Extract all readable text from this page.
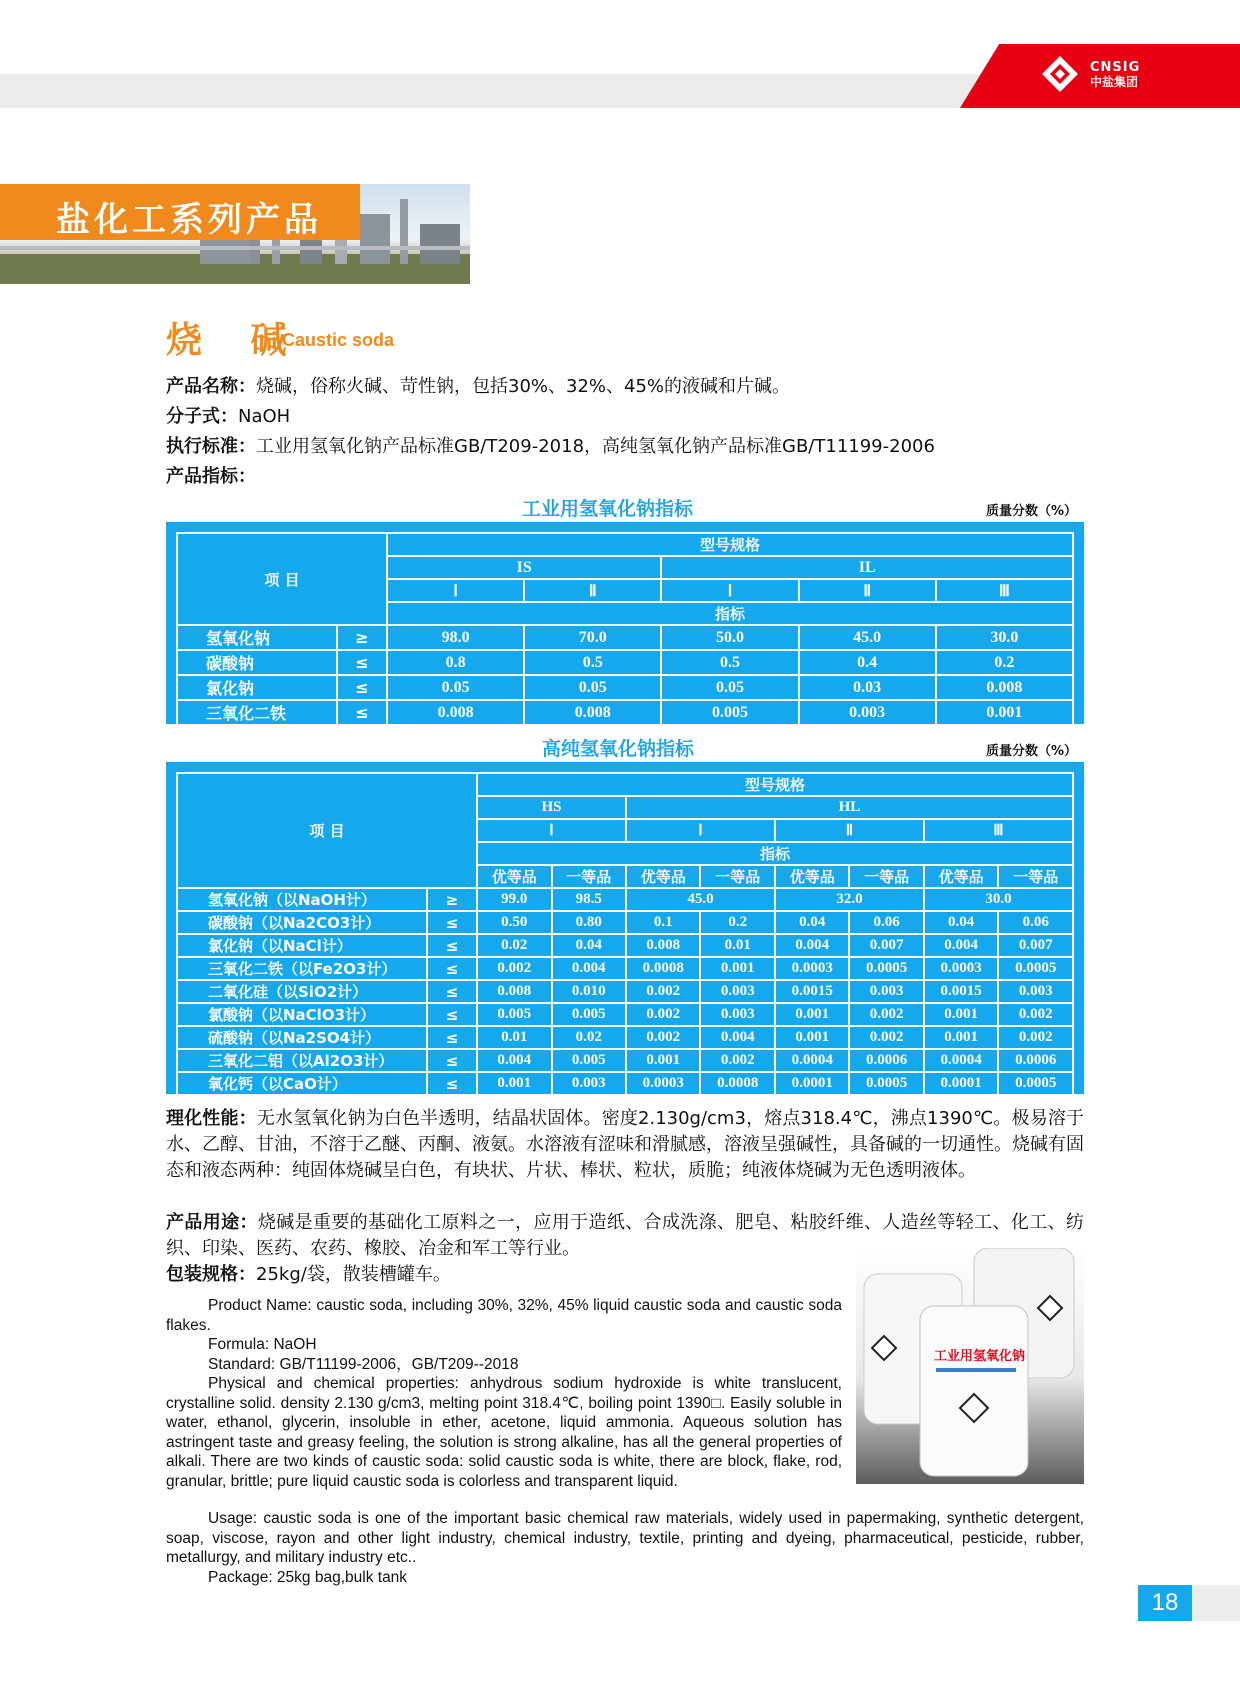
CNSIG
中盐集团
盐化工系列产品
烧 碱
Caustic soda
产品名称：烧碱，俗称火碱、苛性钠，包括30%、32%、45%的液碱和片碱。
分子式：NaOH
执行标准：工业用氢氧化钠产品标准GB/T209-2018，高纯氢氧化钠产品标准GB/T11199-2006
产品指标：
工业用氢氧化钠指标	质量分数（%）
项 目		型号规格				
		IS		IL		
		Ⅰ	Ⅱ	Ⅰ	Ⅱ	Ⅲ
		指标				
氢氧化钠	≥	98.0	70.0	50.0	45.0	30.0
碳酸钠	≤	0.8	0.5	0.5	0.4	0.2
氯化钠	≤	0.05	0.05	0.05	0.03	0.008
三氧化二铁	≤	0.008	0.008	0.005	0.003	0.001
高纯氢氧化钠指标	质量分数（%）
项 目		型号规格							
		HS		HL					
		Ⅰ		Ⅰ		Ⅱ		Ⅲ	
		指标							
		优等品	一等品	优等品	一等品	优等品	一等品	优等品	一等品
氢氧化钠（以NaOH计）	≥	99.0	98.5	45.0		32.0		30.0	
碳酸钠（以Na2CO3计）	≤	0.50	0.80	0.1	0.2	0.04	0.06	0.04	0.06
氯化钠（以NaCl计）	≤	0.02	0.04	0.008	0.01	0.004	0.007	0.004	0.007
三氧化二铁（以Fe2O3计）	≤	0.002	0.004	0.0008	0.001	0.0003	0.0005	0.0003	0.0005
二氧化硅（以SiO2计）	≤	0.008	0.010	0.002	0.003	0.0015	0.003	0.0015	0.003
氯酸钠（以NaClO3计）	≤	0.005	0.005	0.002	0.003	0.001	0.002	0.001	0.002
硫酸钠（以Na2SO4计）	≤	0.01	0.02	0.002	0.004	0.001	0.002	0.001	0.002
三氧化二铝（以Al2O3计）	≤	0.004	0.005	0.001	0.002	0.0004	0.0006	0.0004	0.0006
氧化钙（以CaO计）	≤	0.001	0.003	0.0003	0.0008	0.0001	0.0005	0.0001	0.0005
理化性能：无水氢氧化钠为白色半透明，结晶状固体。密度2.130g/cm3，熔点318.4℃，沸点1390℃。极易溶于水、乙醇、甘油，不溶于乙醚、丙酮、液氨。水溶液有涩味和滑腻感，溶液呈强碱性，具备碱的一切通性。烧碱有固态和液态两种：纯固体烧碱呈白色，有块状、片状、棒状、粒状，质脆；纯液体烧碱为无色透明液体。
产品用途：烧碱是重要的基础化工原料之一，应用于造纸、合成洗涤、肥皂、粘胶纤维、人造丝等轻工、化工、纺织、印染、医药、农药、橡胶、冶金和军工等行业。
包装规格：25kg/袋，散装槽罐车。
工业用氢氧化钠
Product Name: caustic soda, including 30%, 32%, 45% liquid caustic soda and caustic soda flakes.
Formula: NaOH
Standard: GB/T11199-2006，GB/T209--2018
Physical and chemical properties: anhydrous sodium hydroxide is white translucent, crystalline solid. density 2.130 g/cm3, melting point 318.4℃, boiling point 1390□. Easily soluble in water, ethanol, glycerin, insoluble in ether, acetone, liquid ammonia. Aqueous solution has astringent taste and greasy feeling, the solution is strong alkaline, has all the general properties of alkali. There are two kinds of caustic soda: solid caustic soda is white, there are block, flake, rod, granular, brittle; pure liquid caustic soda is colorless and transparent liquid.
Usage: caustic soda is one of the important basic chemical raw materials, widely used in papermaking, synthetic detergent, soap, viscose, rayon and other light industry, chemical industry, textile, printing and dyeing, pharmaceutical, pesticide, rubber, metallurgy, and military industry etc..
Package: 25kg bag,bulk tank
18
